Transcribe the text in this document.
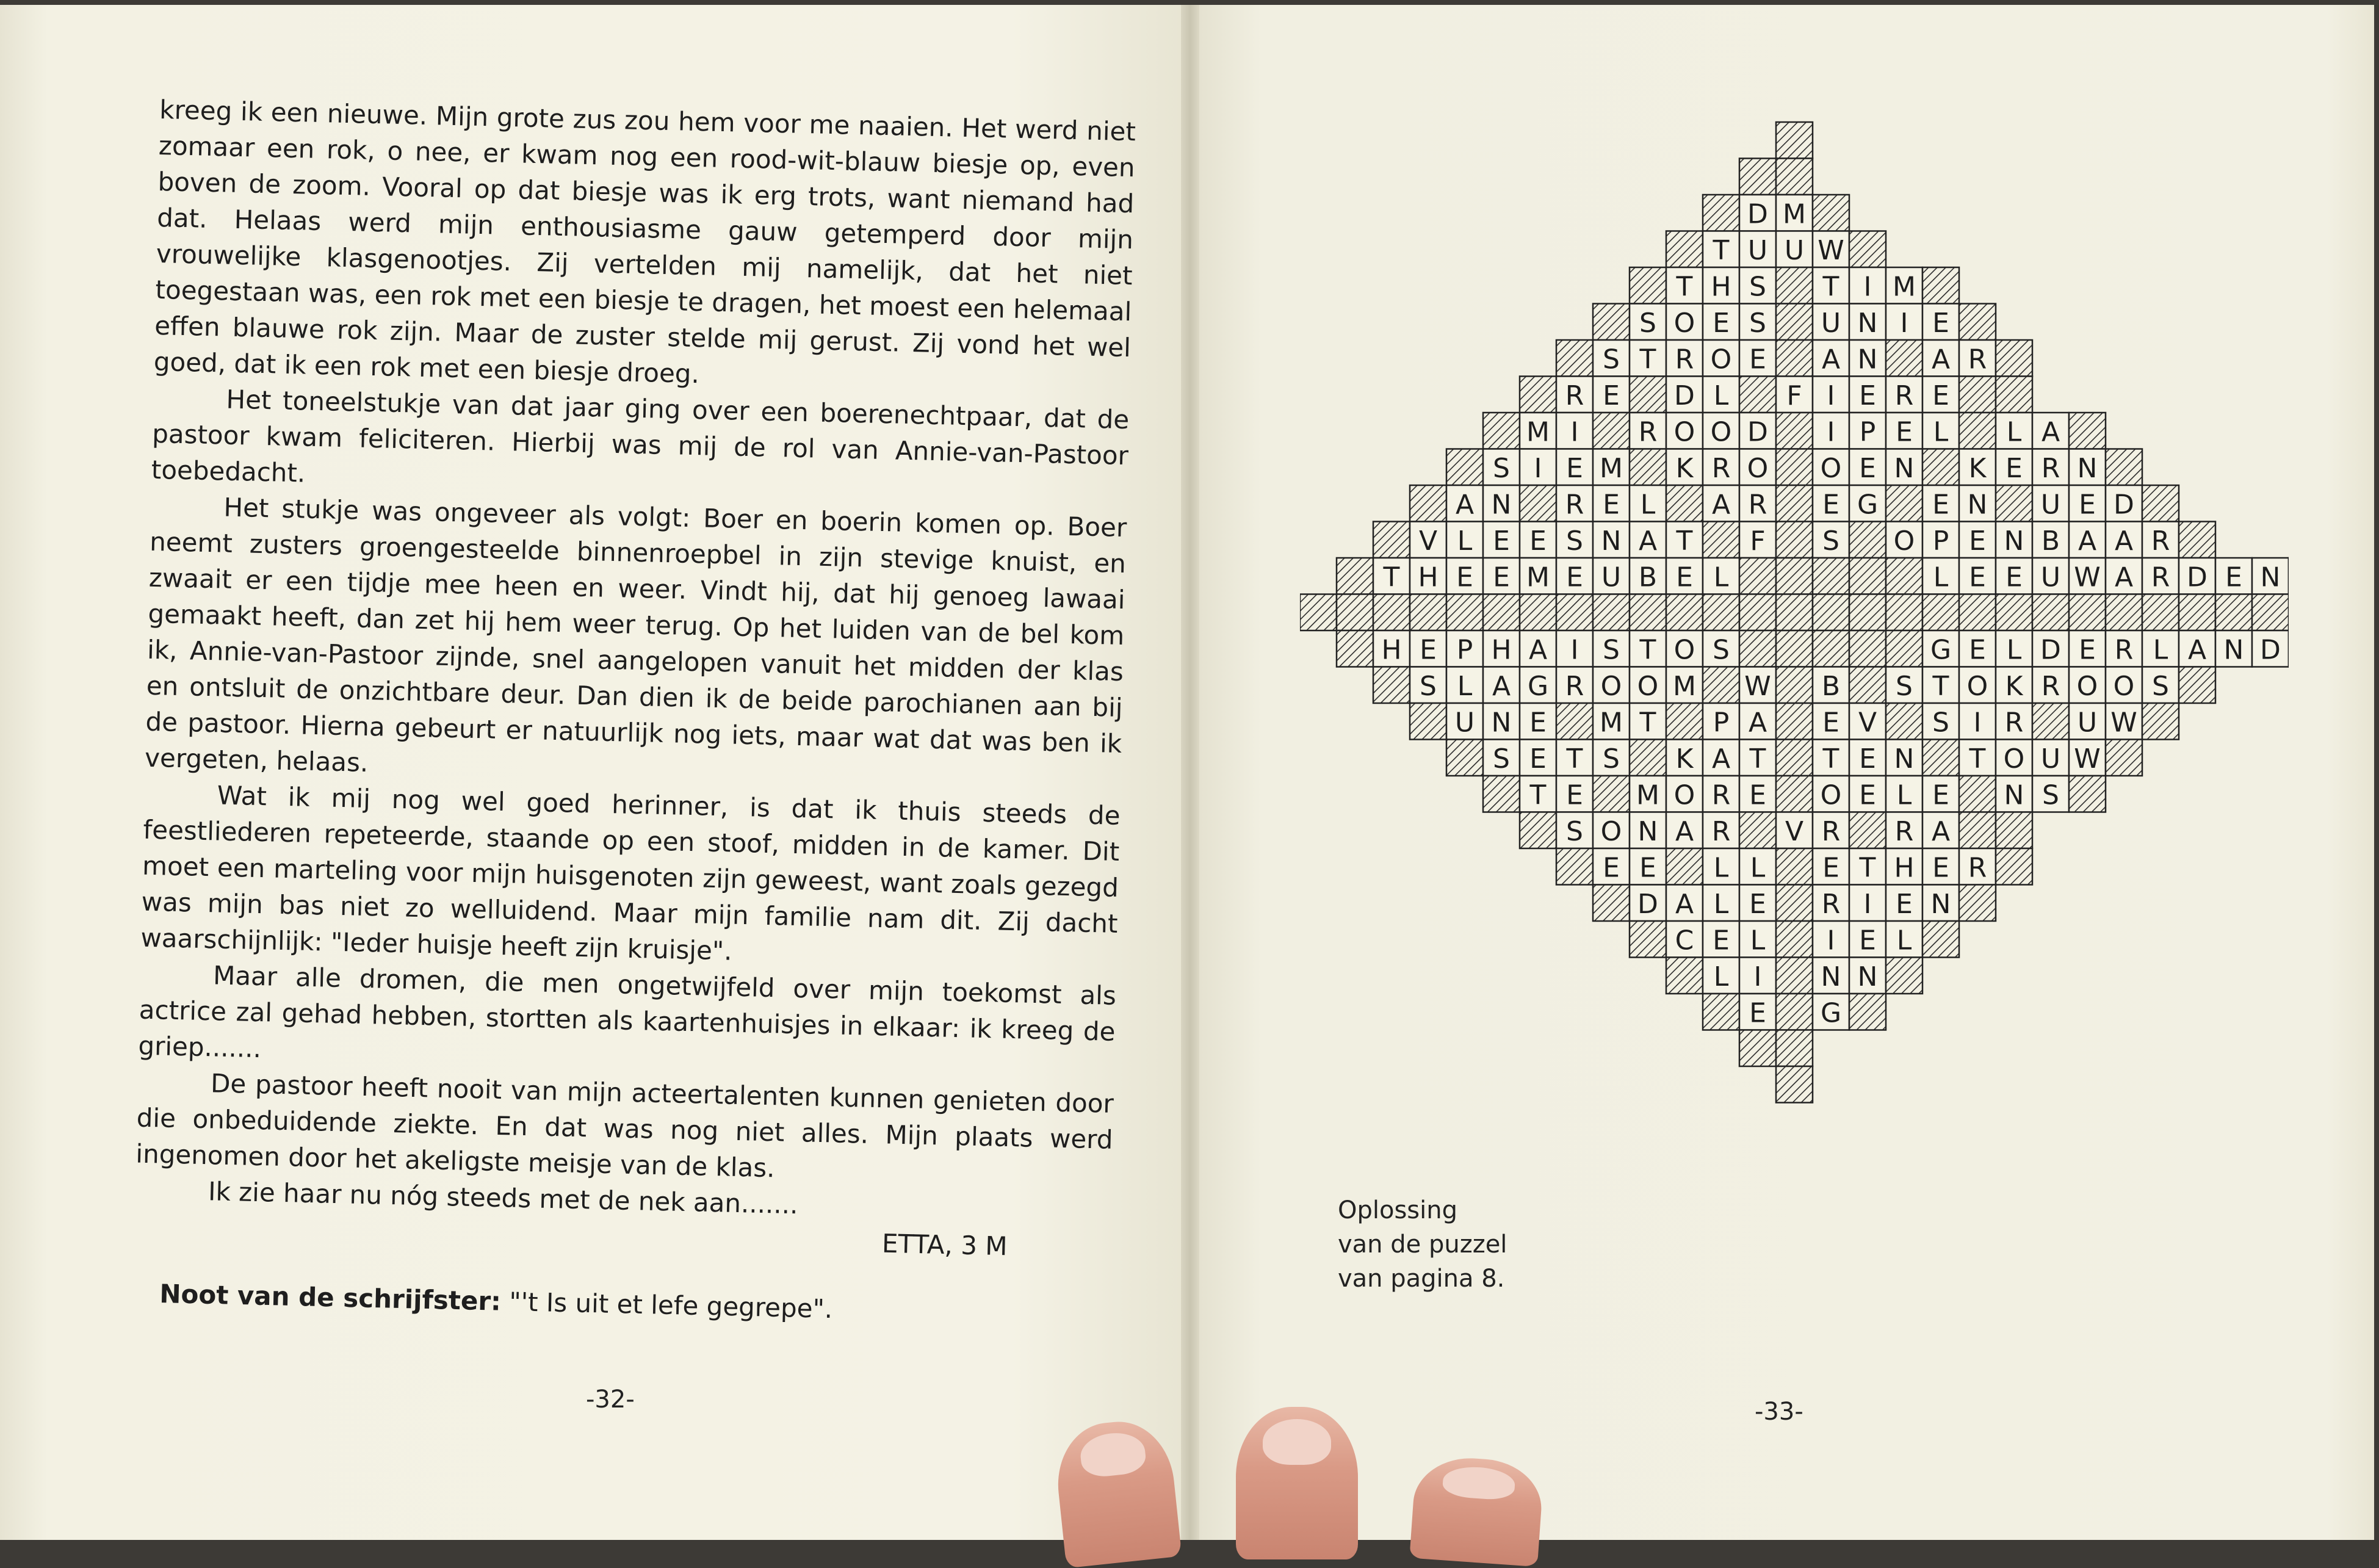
kreeg ik een nieuwe. Mijn grote zus zou hem voor me naaien. Het werd niet zomaar een rok, o nee, er kwam nog een rood-wit-blauw biesje op, even boven de zoom. Vooral op dat biesje was ik erg trots, want niemand had dat. Helaas werd mijn enthousiasme gauw getemperd door mijn vrouwelijke klasgenootjes. Zij vertelden mij namelijk, dat het niet toegestaan was, een rok met een biesje te dragen, het moest een helemaal effen blauwe rok zijn. Maar de zuster stelde mij gerust. Zij vond het wel goed, dat ik een rok met een biesje droeg.

Het toneelstukje van dat jaar ging over een boerenechtpaar, dat de pastoor kwam feliciteren. Hierbij was mij de rol van Annie-van-Pastoor toebedacht.

Het stukje was ongeveer als volgt: Boer en boerin komen op. Boer neemt zusters groengesteelde binnenroepbel in zijn stevige knuist, en zwaait er een tijdje mee heen en weer. Vindt hij, dat hij genoeg lawaai gemaakt heeft, dan zet hij hem weer terug. Op het luiden van de bel kom ik, Annie-van-Pastoor zijnde, snel aangelopen vanuit het midden der klas en ontsluit de onzichtbare deur. Dan dien ik de beide parochianen aan bij de pastoor. Hierna gebeurt er natuurlijk nog iets, maar wat dat was ben ik vergeten, helaas.

Wat ik mij nog wel goed herinner, is dat ik thuis steeds de feestliederen repeteerde, staande op een stoof, midden in de kamer. Dit moet een marteling voor mijn huisgenoten zijn geweest, want zoals gezegd was mijn bas niet zo welluidend. Maar mijn familie nam dit. Zij dacht waarschijnlijk: "Ieder huisje heeft zijn kruisje".

Maar alle dromen, die men ongetwijfeld over mijn toekomst als actrice zal gehad hebben, stortten als kaartenhuisjes in elkaar: ik kreeg de griep.......

De pastoor heeft nooit van mijn acteertalenten kunnen genieten door die onbeduidende ziekte. En dat was nog niet alles. Mijn plaats werd ingenomen door het akeligste meisje van de klas.

Ik zie haar nu nóg steeds met de nek aan.......

ETTA, 3 M
Noot van de schrijfster: "'t Is uit et lefe gegrepe".
-32-
D M
T U U W
T H S T I M
S O E S U N I E
S T R O E A N A R
R E D L F I E R E
M I R O O D I P E L L A
S I E M K R O O E N K E R N
A N R E L A R E G E N U E D
V L E E S N A T F S O P E N B A A R
T H E E M E U B E L	L E E U W A R D E N
H E P H A I S T O S	G E L D E R L A N D
S L A G R O O M W B S T O K R O O S
U N E M T P A E V S I R U W
S E T S K A T T E N T O U W
T E M O R E O E L E N S
S O N A R V R R A
E E L L E T H E R
D A L E R I E N
C E L I E L
L I N N
E G
Oplossing
van de puzzel
van pagina 8.
-33-
